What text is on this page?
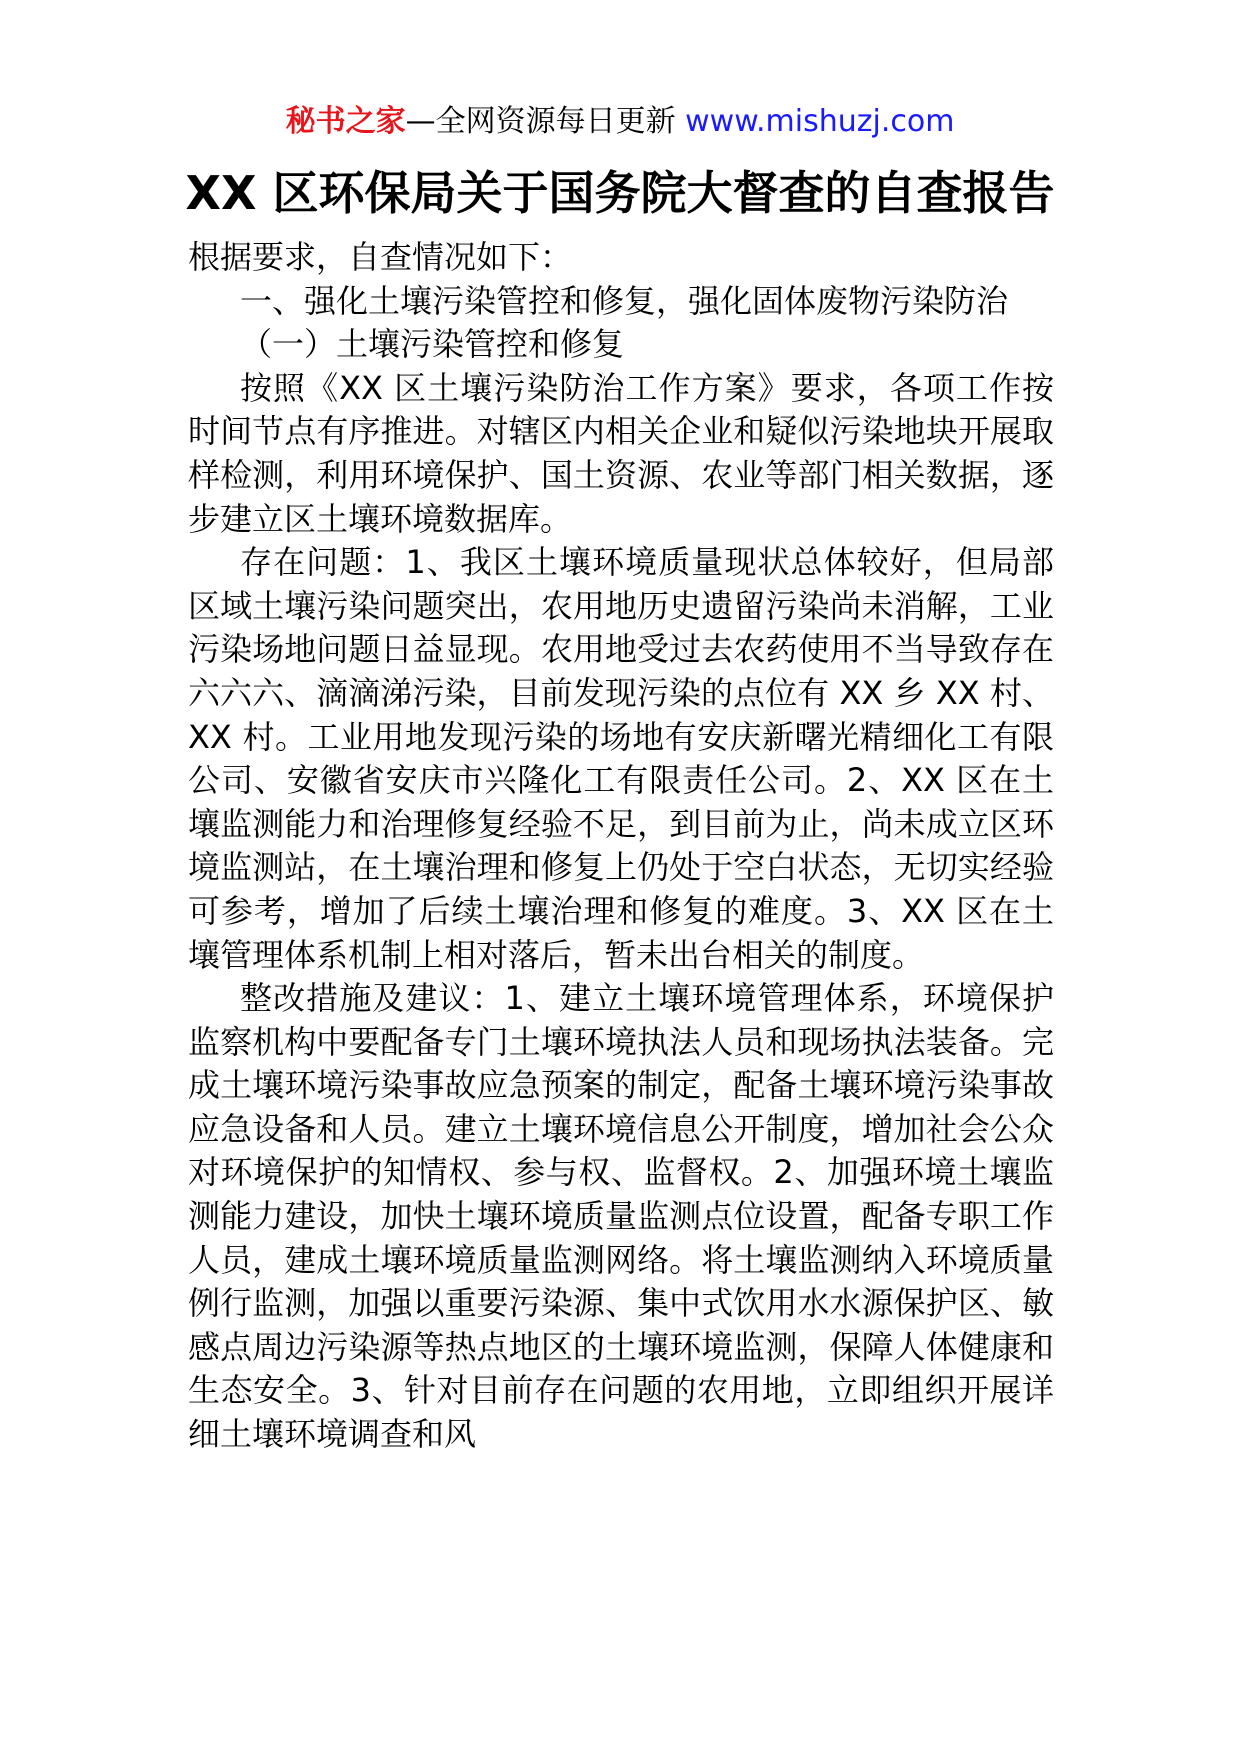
秘书之家—全网资源每日更新 www.mishuzj.com
XX 区环保局关于国务院大督查的自查报告

根据要求，自查情况如下：

一、强化土壤污染管控和修复，强化固体废物污染防治

（一）土壤污染管控和修复

按照《XX 区土壤污染防治工作方案》要求，各项工作按时间节点有序推进。对辖区内相关企业和疑似污染地块开展取样检测，利用环境保护、国土资源、农业等部门相关数据，逐步建立区土壤环境数据库。

存在问题：1、我区土壤环境质量现状总体较好，但局部区域土壤污染问题突出，农用地历史遗留污染尚未消解，工业污染场地问题日益显现。农用地受过去农药使用不当导致存在六六六、滴滴涕污染，目前发现污染的点位有 XX 乡 XX 村、XX 村。工业用地发现污染的场地有安庆新曙光精细化工有限公司、安徽省安庆市兴隆化工有限责任公司。2、XX 区在土壤监测能力和治理修复经验不足，到目前为止，尚未成立区环境监测站，在土壤治理和修复上仍处于空白状态，无切实经验可参考，增加了后续土壤治理和修复的难度。3、XX 区在土壤管理体系机制上相对落后，暂未出台相关的制度。

整改措施及建议：1、建立土壤环境管理体系，环境保护监察机构中要配备专门土壤环境执法人员和现场执法装备。完成土壤环境污染事故应急预案的制定，配备土壤环境污染事故应急设备和人员。建立土壤环境信息公开制度，增加社会公众对环境保护的知情权、参与权、监督权。2、加强环境土壤监测能力建设，加快土壤环境质量监测点位设置，配备专职工作人员，建成土壤环境质量监测网络。将土壤监测纳入环境质量例行监测，加强以重要污染源、集中式饮用水水源保护区、敏感点周边污染源等热点地区的土壤环境监测，保障人体健康和生态安全。3、针对目前存在问题的农用地，立即组织开展详细土壤环境调查和风
